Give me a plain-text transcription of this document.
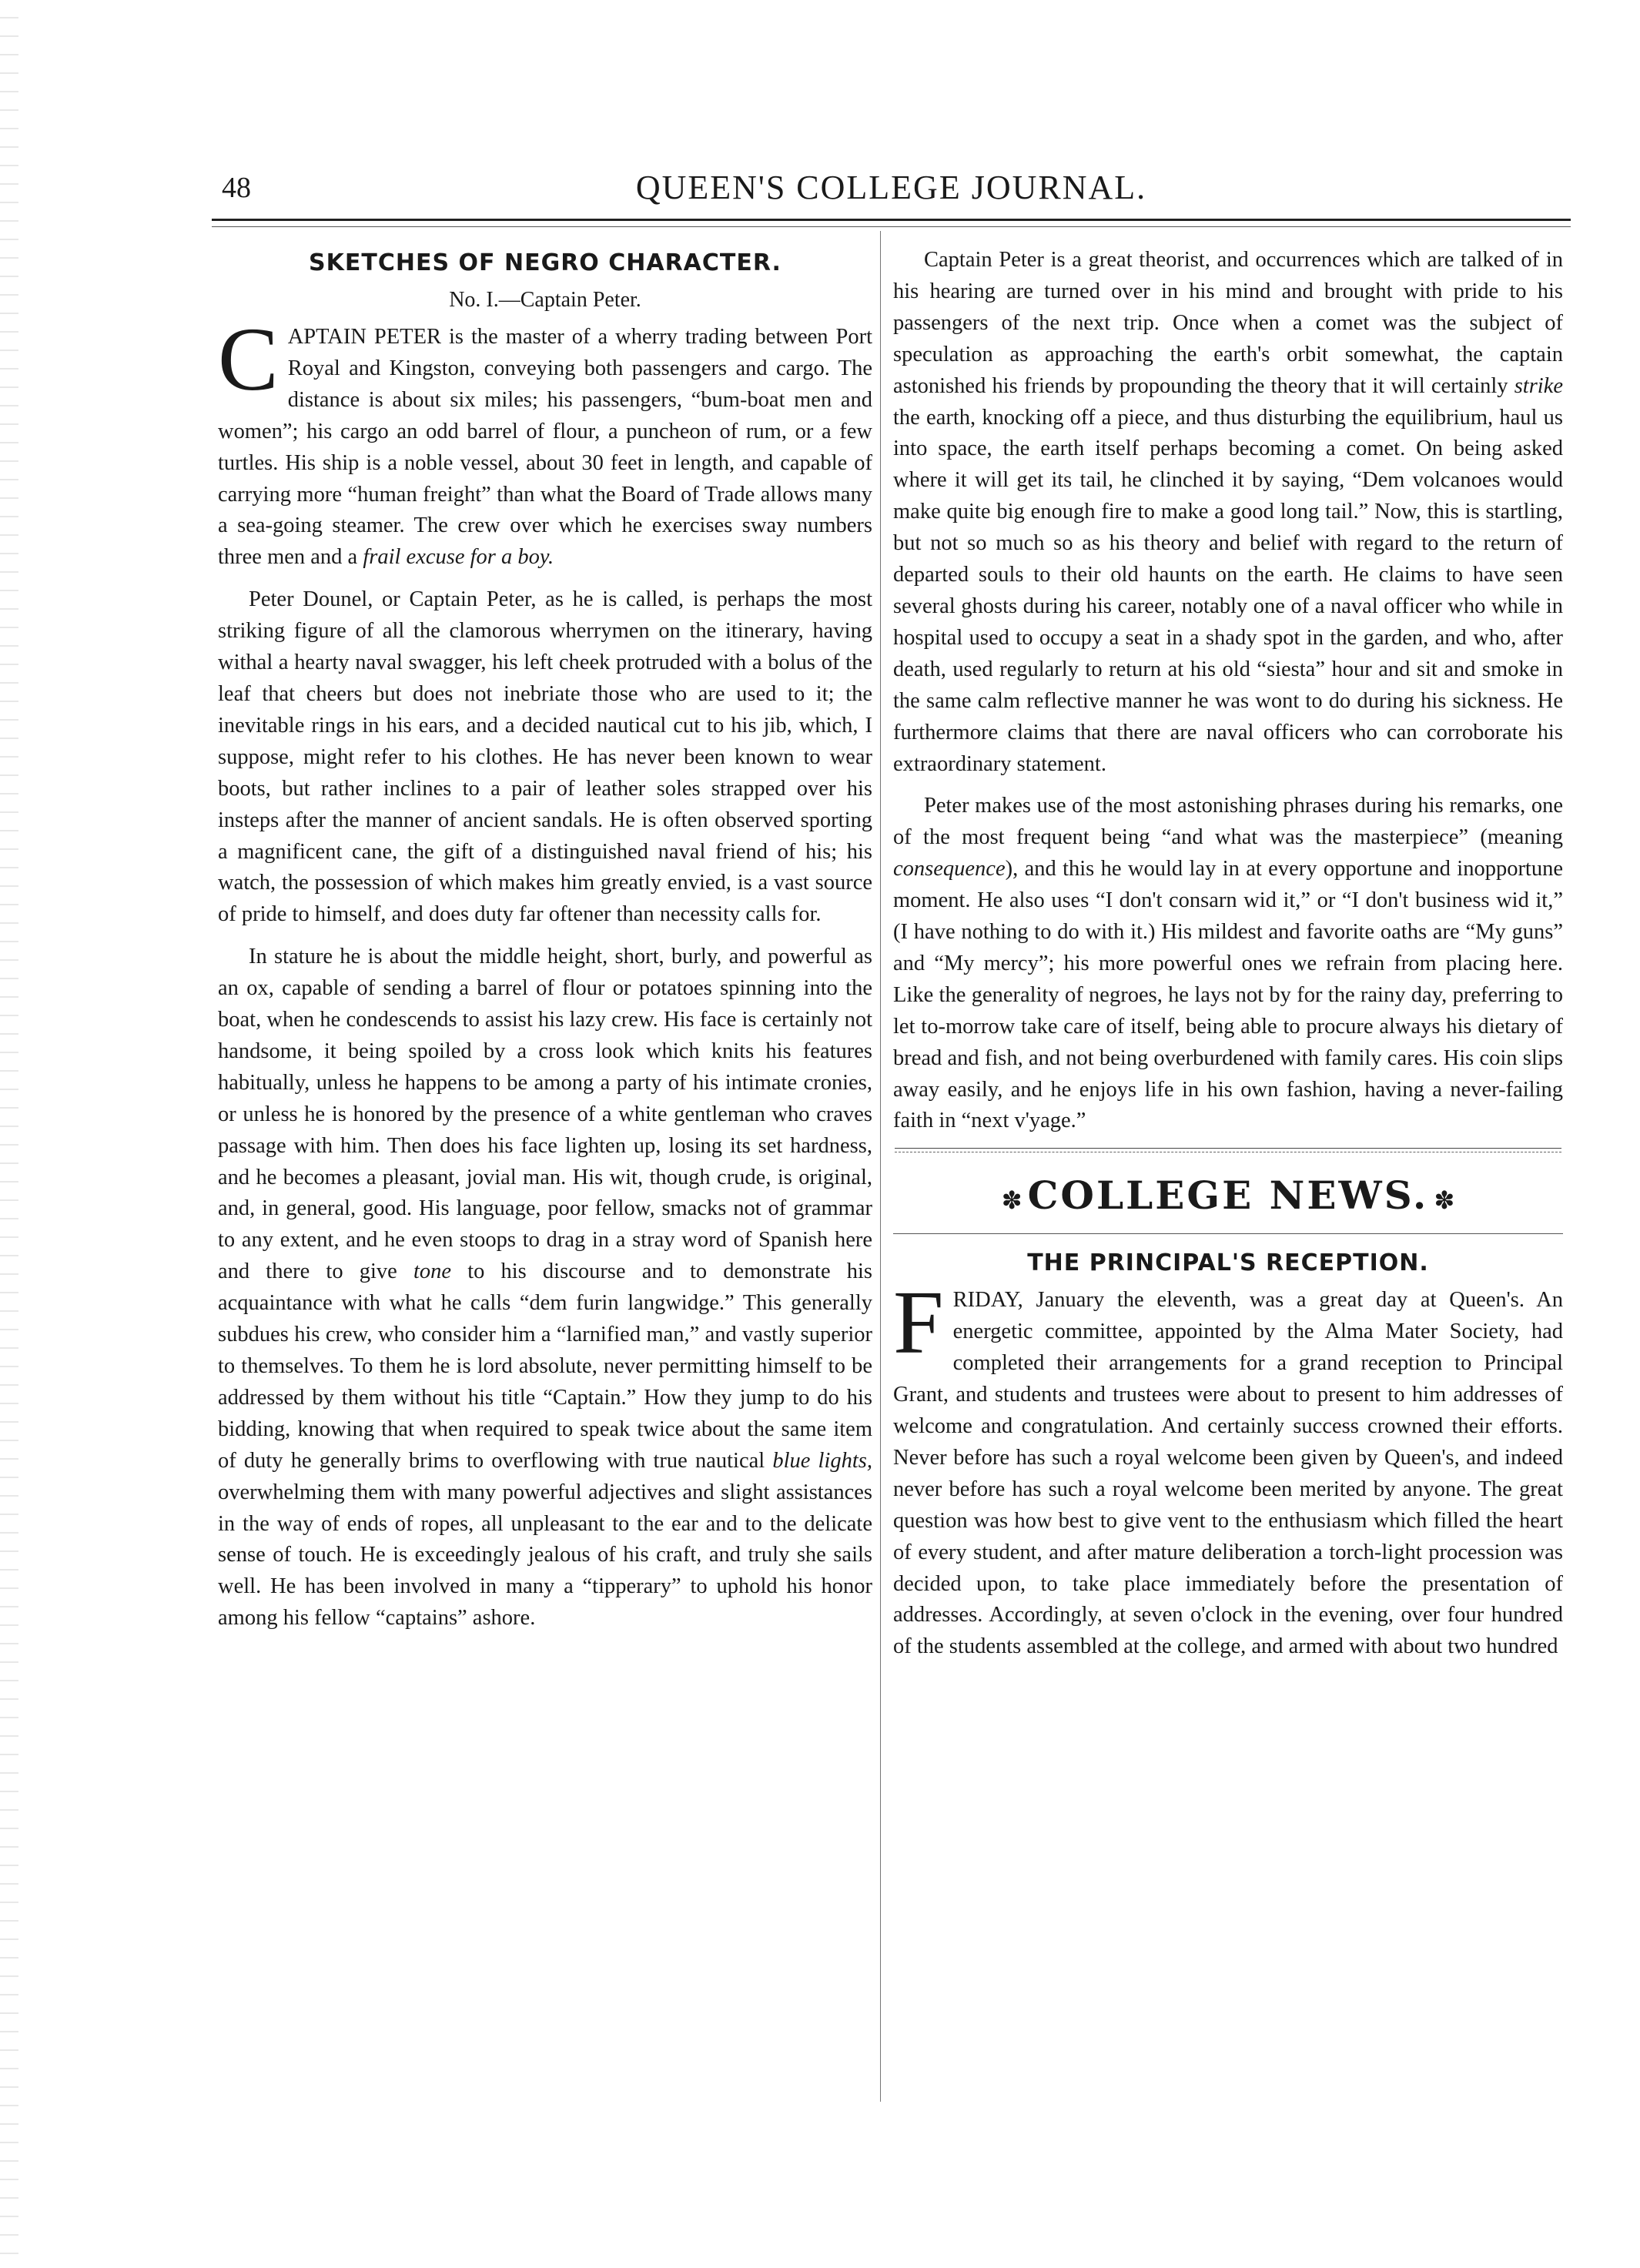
48	QUEEN'S COLLEGE JOURNAL.
SKETCHES OF NEGRO CHARACTER.
No. I.—Captain Peter.

CAPTAIN PETER is the master of a wherry trading between Port Royal and Kingston, conveying both passengers and cargo. The distance is about six miles; his passengers, “bum-boat men and women”; his cargo an odd barrel of flour, a puncheon of rum, or a few turtles. His ship is a noble vessel, about 30 feet in length, and capable of carrying more “human freight” than what the Board of Trade allows many a sea-going steamer. The crew over which he exercises sway numbers three men and a frail excuse for a boy.

Peter Dounel, or Captain Peter, as he is called, is perhaps the most striking figure of all the clamorous wherrymen on the itinerary, having withal a hearty naval swagger, his left cheek protruded with a bolus of the leaf that cheers but does not inebriate those who are used to it; the inevitable rings in his ears, and a decided nautical cut to his jib, which, I suppose, might refer to his clothes. He has never been known to wear boots, but rather inclines to a pair of leather soles strapped over his insteps after the manner of ancient sandals. He is often observed sporting a magnificent cane, the gift of a distinguished naval friend of his; his watch, the possession of which makes him greatly envied, is a vast source of pride to himself, and does duty far oftener than necessity calls for.

In stature he is about the middle height, short, burly, and powerful as an ox, capable of sending a barrel of flour or potatoes spinning into the boat, when he condescends to assist his lazy crew. His face is certainly not handsome, it being spoiled by a cross look which knits his features habitually, unless he happens to be among a party of his intimate cronies, or unless he is honored by the presence of a white gentleman who craves passage with him. Then does his face lighten up, losing its set hardness, and he becomes a pleasant, jovial man. His wit, though crude, is original, and, in general, good. His language, poor fellow, smacks not of grammar to any extent, and he even stoops to drag in a stray word of Spanish here and there to give tone to his discourse and to demonstrate his acquaintance with what he calls “dem furin langwidge.” This generally subdues his crew, who consider him a “larnified man,” and vastly superior to themselves. To them he is lord absolute, never permitting himself to be addressed by them without his title “Captain.” How they jump to do his bidding, knowing that when required to speak twice about the same item of duty he generally brims to overflowing with true nautical blue lights, overwhelming them with many powerful adjectives and slight assistances in the way of ends of ropes, all unpleasant to the ear and to the delicate sense of touch. He is exceedingly jealous of his craft, and truly she sails well. He has been involved in many a “tipperary” to uphold his honor among his fellow “captains” ashore.

Captain Peter is a great theorist, and occurrences which are talked of in his hearing are turned over in his mind and brought with pride to his passengers of the next trip. Once when a comet was the subject of speculation as approaching the earth's orbit somewhat, the captain astonished his friends by propounding the theory that it will certainly strike the earth, knocking off a piece, and thus disturbing the equilibrium, haul us into space, the earth itself perhaps becoming a comet. On being asked where it will get its tail, he clinched it by saying, “Dem volcanoes would make quite big enough fire to make a good long tail.” Now, this is startling, but not so much so as his theory and belief with regard to the return of departed souls to their old haunts on the earth. He claims to have seen several ghosts during his career, notably one of a naval officer who while in hospital used to occupy a seat in a shady spot in the garden, and who, after death, used regularly to return at his old “siesta” hour and sit and smoke in the same calm reflective manner he was wont to do during his sickness. He furthermore claims that there are naval officers who can corroborate his extraordinary statement.

Peter makes use of the most astonishing phrases during his remarks, one of the most frequent being “and what was the masterpiece” (meaning consequence), and this he would lay in at every opportune and inopportune moment. He also uses “I don't consarn wid it,” or “I don't business wid it,” (I have nothing to do with it.) His mildest and favorite oaths are “My guns” and “My mercy”; his more powerful ones we refrain from placing here. Like the generality of negroes, he lays not by for the rainy day, preferring to let to-morrow take care of itself, being able to procure always his dietary of bread and fish, and not being overburdened with family cares. His coin slips away easily, and he enjoys life in his own fashion, having a never-failing faith in “next v'yage.”

✽ COLLEGE NEWS. ✽
THE PRINCIPAL'S RECEPTION.

FRIDAY, January the eleventh, was a great day at Queen's. An energetic committee, appointed by the Alma Mater Society, had completed their arrangements for a grand reception to Principal Grant, and students and trustees were about to present to him addresses of welcome and congratulation. And certainly success crowned their efforts. Never before has such a royal welcome been given by Queen's, and indeed never before has such a royal welcome been merited by anyone. The great question was how best to give vent to the enthusiasm which filled the heart of every student, and after mature deliberation a torch-light procession was decided upon, to take place immediately before the presentation of addresses. Accordingly, at seven o'clock in the evening, over four hundred of the students assembled at the college, and armed with about two hundred
